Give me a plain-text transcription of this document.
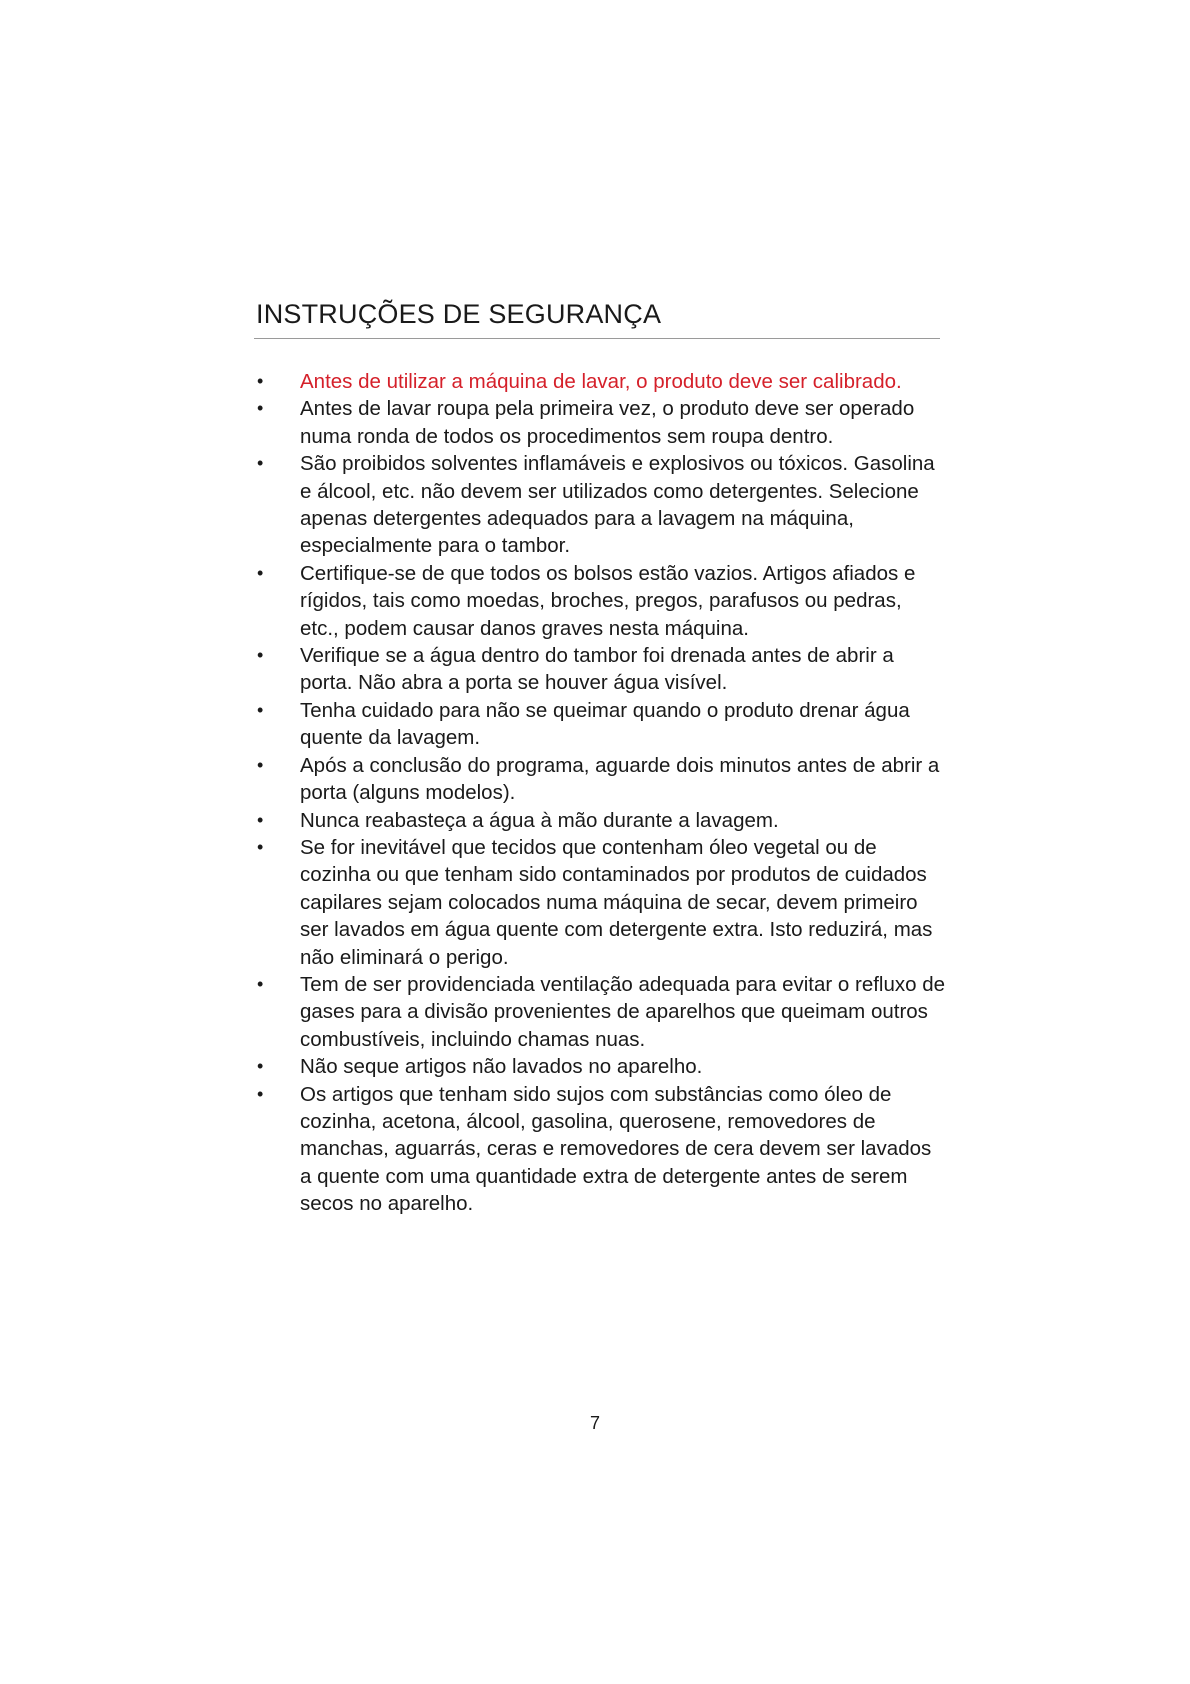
INSTRUÇÕES DE SEGURANÇA
• Antes de utilizar a máquina de lavar, o produto deve ser calibrado.
• Antes de lavar roupa pela primeira vez, o produto deve ser operado numa ronda de todos os procedimentos sem roupa dentro.
• São proibidos solventes inflamáveis e explosivos ou tóxicos. Gasolina e álcool, etc. não devem ser utilizados como detergentes. Selecione apenas detergentes adequados para a lavagem na máquina, especialmente para o tambor.
• Certifique-se de que todos os bolsos estão vazios. Artigos afiados e rígidos, tais como moedas, broches, pregos, parafusos ou pedras, etc., podem causar danos graves nesta máquina.
• Verifique se a água dentro do tambor foi drenada antes de abrir a porta. Não abra a porta se houver água visível.
• Tenha cuidado para não se queimar quando o produto drenar água quente da lavagem.
• Após a conclusão do programa, aguarde dois minutos antes de abrir a porta (alguns modelos).
• Nunca reabasteça a água à mão durante a lavagem.
• Se for inevitável que tecidos que contenham óleo vegetal ou de cozinha ou que tenham sido contaminados por produtos de cuidados capilares sejam colocados numa máquina de secar, devem primeiro ser lavados em água quente com detergente extra. Isto reduzirá, mas não eliminará o perigo.
• Tem de ser providenciada ventilação adequada para evitar o refluxo de gases para a divisão provenientes de aparelhos que queimam outros combustíveis, incluindo chamas nuas.
• Não seque artigos não lavados no aparelho.
• Os artigos que tenham sido sujos com substâncias como óleo de cozinha, acetona, álcool, gasolina, querosene, removedores de manchas, aguarrás, ceras e removedores de cera devem ser lavados a quente com uma quantidade extra de detergente antes de serem secos no aparelho.
7
